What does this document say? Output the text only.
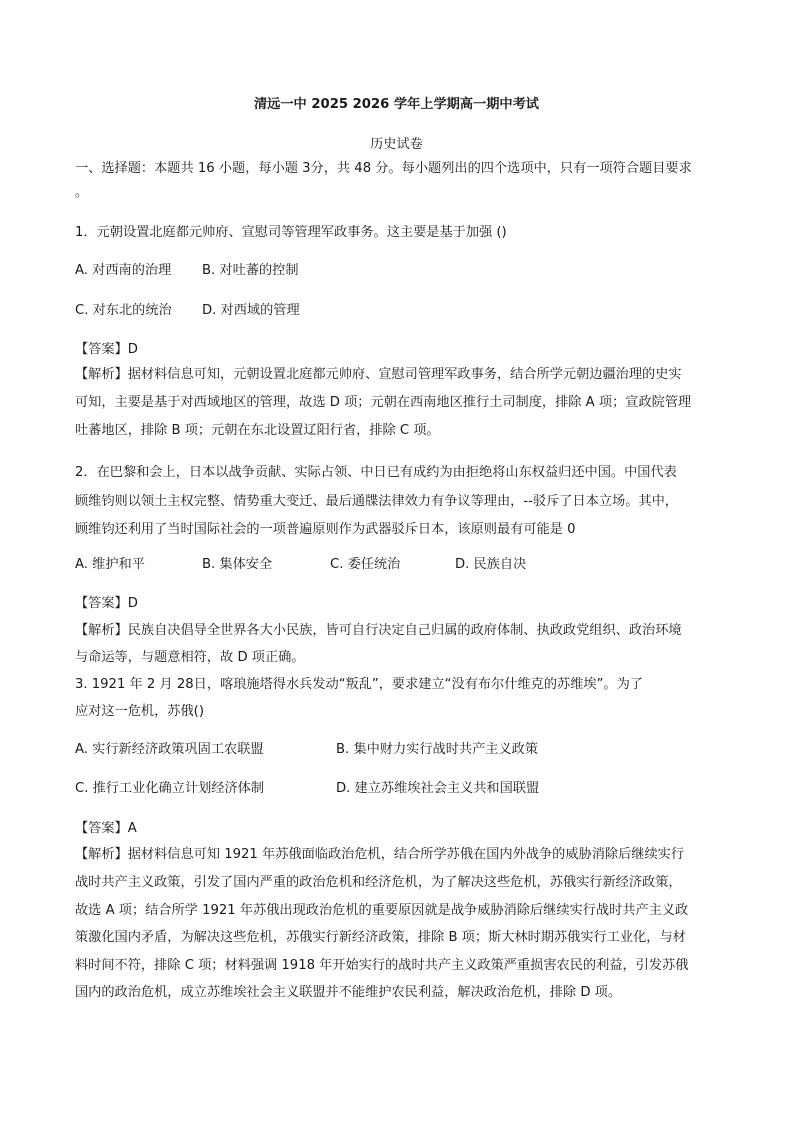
清远一中 2025 2026 学年上学期高一期中考试
历史试卷
一、选择题：本题共 16 小题，每小题 3分，共 48 分。每小题列出的四个选项中，只有一项符合题目要求
。
1．元朝设置北庭都元帅府、宣慰司等管理军政事务。这主要是基于加强 ()
A. 对西南的治理 B. 对吐蕃的控制
C. 对东北的统治 D. 对西域的管理
【答案】D
【解析】据材料信息可知，元朝设置北庭都元帅府、宣慰司管理军政事务，结合所学元朝边疆治理的史实
可知，主要是基于对西域地区的管理，故选 D 项；元朝在西南地区推行土司制度，排除 A 项；宣政院管理
吐蕃地区，排除 B 项；元朝在东北设置辽阳行省，排除 C 项。
2．在巴黎和会上，日本以战争贡献、实际占领、中日已有成约为由拒绝将山东权益归还中国。中国代表
顾维钧则以领土主权完整、情势重大变迁、最后通牒法律效力有争议等理由，--驳斥了日本立场。其中，
顾维钧还利用了当时国际社会的一项普遍原则作为武器驳斥日本，该原则最有可能是 0
A. 维护和平	B. 集体安全	C. 委任统治	D. 民族自决
【答案】D
【解析】民族自决倡导全世界各大小民族，皆可自行决定自己归属的政府体制、执政政党组织、政治环境
与命运等，与题意相符，故 D 项正确。
3. 1921 年 2 月 28日，喀琅施塔得水兵发动“叛乱”，要求建立“没有布尔什维克的苏维埃”。为了
应对这一危机，苏俄()
A. 实行新经济政策巩固工农联盟	B. 集中财力实行战时共产主义政策
C. 推行工业化确立计划经济体制	D. 建立苏维埃社会主义共和国联盟
【答案】A
【解析】据材料信息可知 1921 年苏俄面临政治危机，结合所学苏俄在国内外战争的威胁消除后继续实行
战时共产主义政策，引发了国内严重的政治危机和经济危机，为了解决这些危机，苏俄实行新经济政策，
故选 A 项；结合所学 1921 年苏俄出现政治危机的重要原因就是战争威胁消除后继续实行战时共产主义政
策激化国内矛盾，为解决这些危机，苏俄实行新经济政策，排除 B 项；斯大林时期苏俄实行工业化，与材
料时间不符，排除 C 项；材料强调 1918 年开始实行的战时共产主义政策严重损害农民的利益，引发苏俄
国内的政治危机，成立苏维埃社会主义联盟并不能维护农民利益，解决政治危机，排除 D 项。
